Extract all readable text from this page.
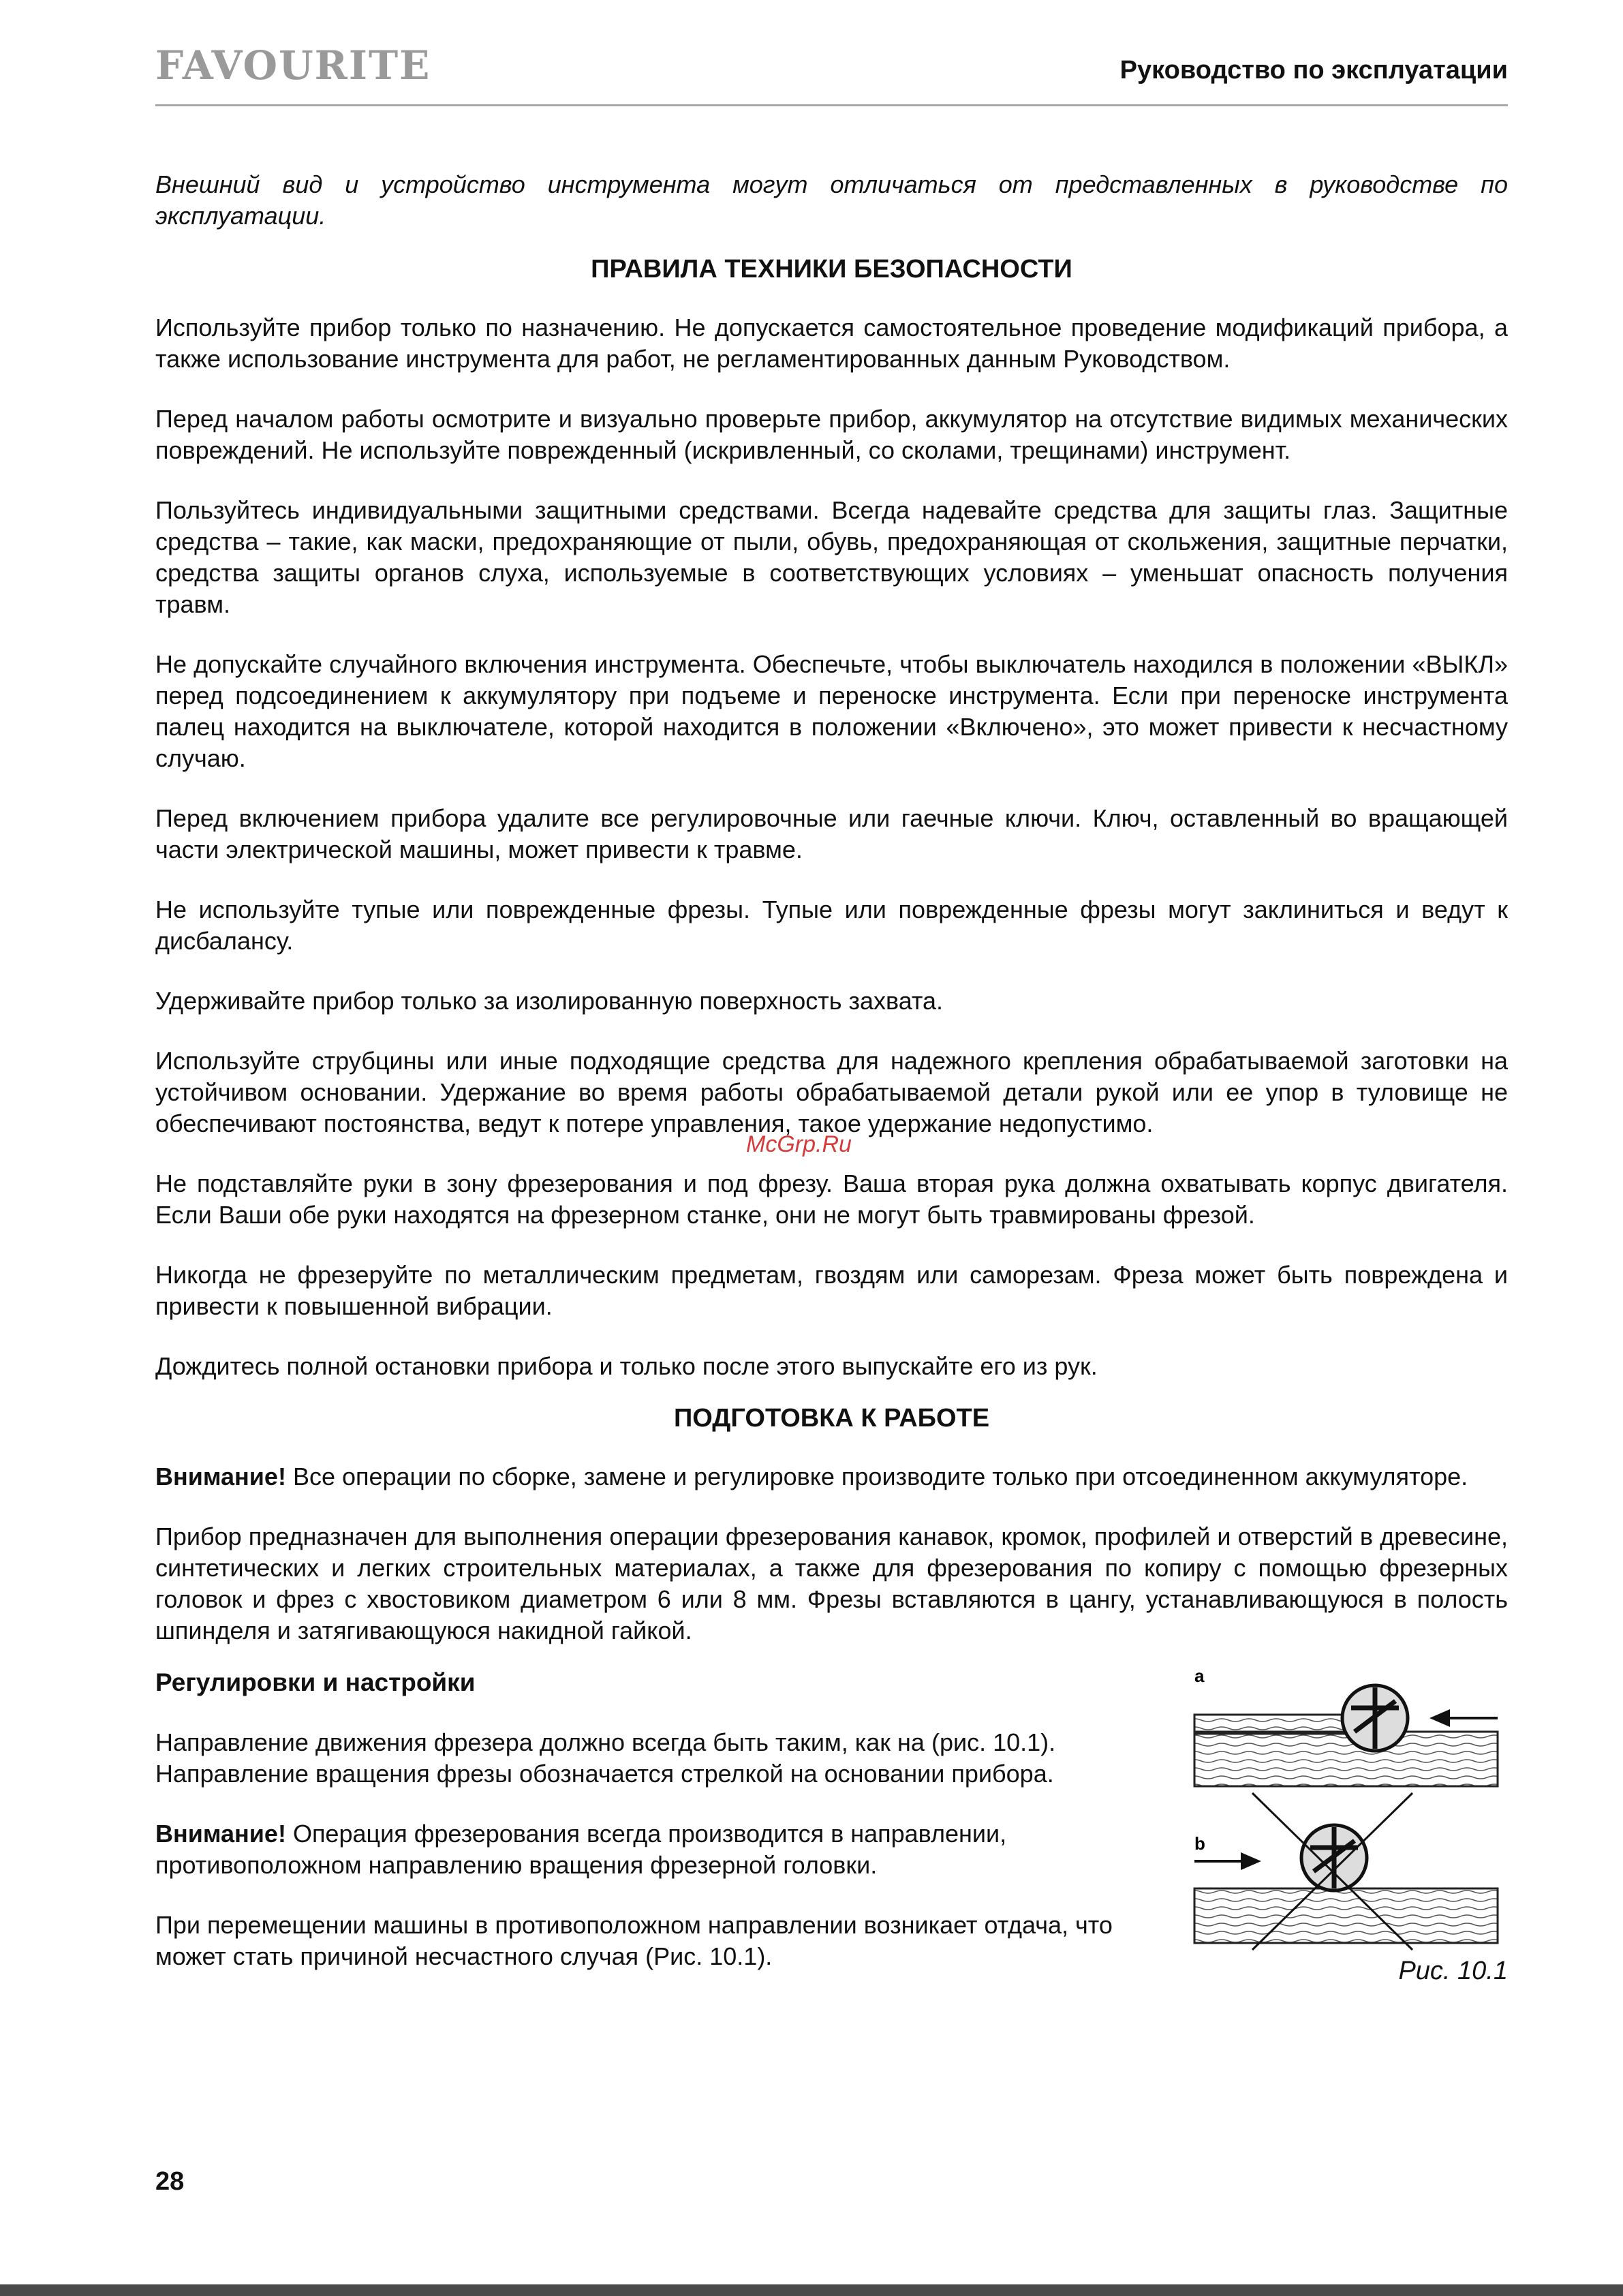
FAVOURITE	Руководство по эксплуатации

Внешний вид и устройство инструмента могут отличаться от представленных в руководстве по эксплуатации.

ПРАВИЛА ТЕХНИКИ БЕЗОПАСНОСТИ

Используйте прибор только по назначению. Не допускается самостоятельное проведение модификаций прибора, а также использование инструмента для работ, не регламентированных данным Руководством.

Перед началом работы осмотрите и визуально проверьте прибор, аккумулятор на отсутствие видимых механических повреждений. Не используйте поврежденный (искривленный, со сколами, трещинами) инструмент.

Пользуйтесь индивидуальными защитными средствами. Всегда надевайте средства для защиты глаз. Защитные средства – такие, как маски, предохраняющие от пыли, обувь, предохраняющая от скольжения, защитные перчатки, средства защиты органов слуха, используемые в соответствующих условиях – уменьшат опасность получения травм.

Не допускайте случайного включения инструмента. Обеспечьте, чтобы выключатель находился в положении «ВЫКЛ» перед подсоединением к аккумулятору при подъеме и переноске инструмента. Если при переноске инструмента палец находится на выключателе, которой находится в положении «Включено», это может привести к несчастному случаю.

Перед включением прибора удалите все регулировочные или гаечные ключи. Ключ, оставленный во вращающей части электрической машины, может привести к травме.

Не используйте тупые или поврежденные фрезы. Тупые или поврежденные фрезы могут заклиниться и ведут к дисбалансу.

Удерживайте прибор только за изолированную поверхность захвата.

Используйте струбцины или иные подходящие средства для надежного крепления обрабатываемой заготовки на устойчивом основании. Удержание во время работы обрабатываемой детали рукой или ее упор в туловище не обеспечивают постоянства, ведут к потере управления, такое удержание недопустимо.

Не подставляйте руки в зону фрезерования и под фрезу. Ваша вторая рука должна охватывать корпус двигателя. Если Ваши обе руки находятся на фрезерном станке, они не могут быть травмированы фрезой.

Никогда не фрезеруйте по металлическим предметам, гвоздям или саморезам. Фреза может быть повреждена и привести к повышенной вибрации.

Дождитесь полной остановки прибора и только после этого выпускайте его из рук.

ПОДГОТОВКА К РАБОТЕ

Внимание! Все операции по сборке, замене и регулировке производите только при отсоединенном аккумуляторе.

Прибор предназначен для выполнения операции фрезерования канавок, кромок, профилей и отверстий в древесине, синтетических и легких строительных материалах, а также для фрезерования по копиру с помощью фрезерных головок и фрез с хвостовиком диаметром 6 или 8 мм. Фрезы вставляются в цангу, устанавливающуюся в полость шпинделя и затягивающуюся накидной гайкой.

Регулировки и настройки

Направление движения фрезера должно всегда быть таким, как на (рис. 10.1). Направление вращения фрезы обозначается стрелкой на основании прибора.

Внимание! Операция фрезерования всегда производится в направлении, противоположном направлению вращения фрезерной головки.

При перемещении машины в противоположном направлении возникает отдача, что может стать причиной несчастного случая (Рис. 10.1).

a
b
Рис. 10.1
McGrp.Ru
28
